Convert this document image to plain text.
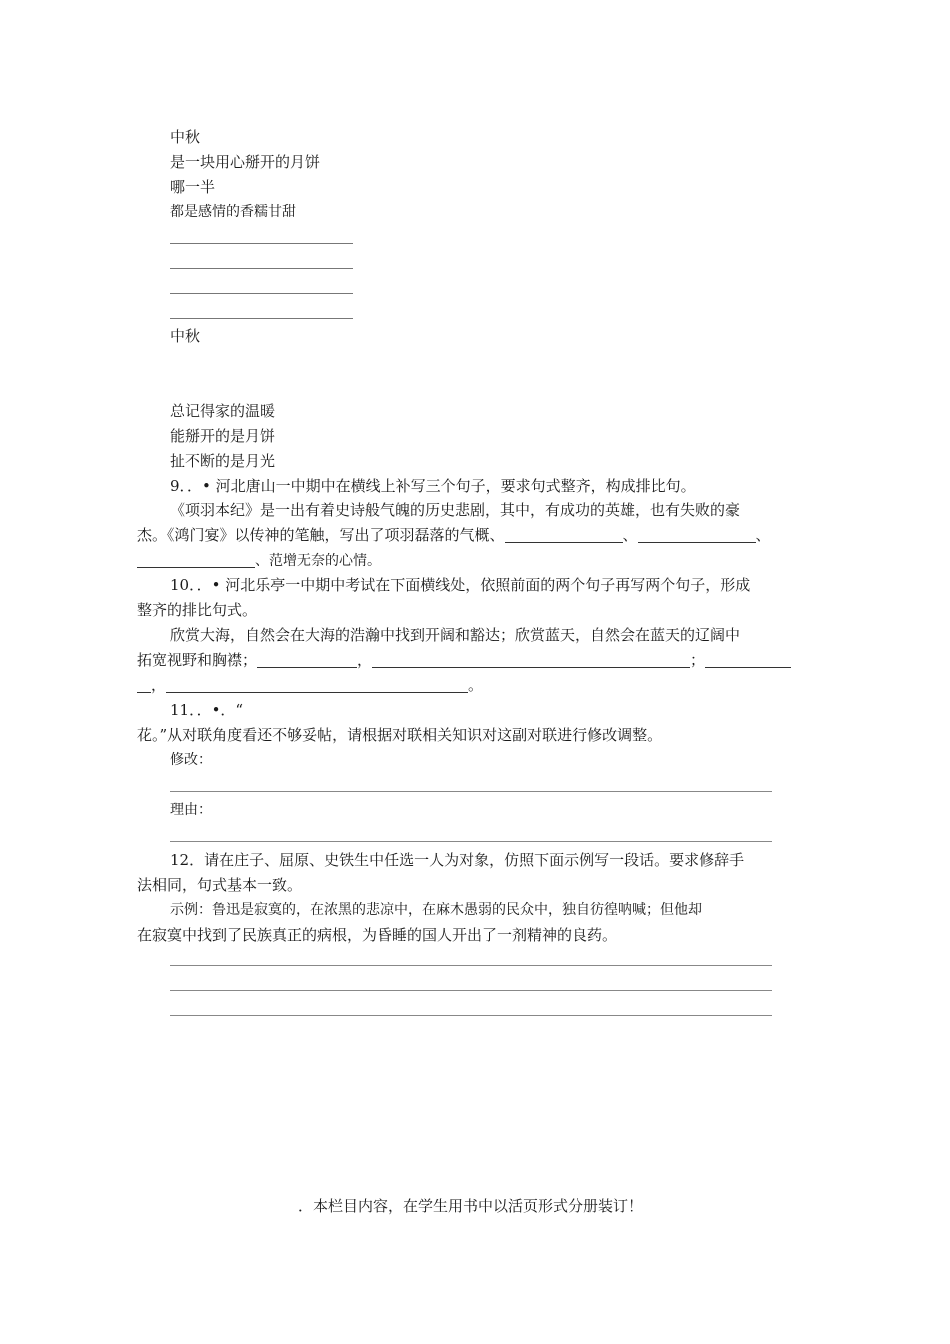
中秋
是一块用心掰开的月饼
哪一半
都是感情的香糯甘甜
中秋
总记得家的温暖
能掰开的是月饼
扯不断的是月光
9．．• 河北唐山一中期中在横线上补写三个句子，要求句式整齐，构成排比句。
《项羽本纪》是一出有着史诗般气魄的历史悲剧，其中，有成功的英雄，也有失败的豪
杰。《鸿门宴》以传神的笔触，写出了项羽磊落的气概、	、	、
、范增无奈的心情。
10．．• 河北乐亭一中期中考试在下面横线处，依照前面的两个句子再写两个句子，形成
整齐的排比句式。
欣赏大海，自然会在大海的浩瀚中找到开阔和豁达；欣赏蓝天，自然会在蓝天的辽阔中
拓宽视野和胸襟；	，	；
，	。
11．．•．“
花。”从对联角度看还不够妥帖，请根据对联相关知识对这副对联进行修改调整。
修改：
理由：
12．请在庄子、屈原、史铁生中任选一人为对象，仿照下面示例写一段话。要求修辞手
法相同，句式基本一致。
示例：鲁迅是寂寞的，在浓黑的悲凉中，在麻木愚弱的民众中，独自彷徨呐喊；但他却
在寂寞中找到了民族真正的病根，为昏睡的国人开出了一剂精神的良药。
．本栏目内容，在学生用书中以活页形式分册装订！
